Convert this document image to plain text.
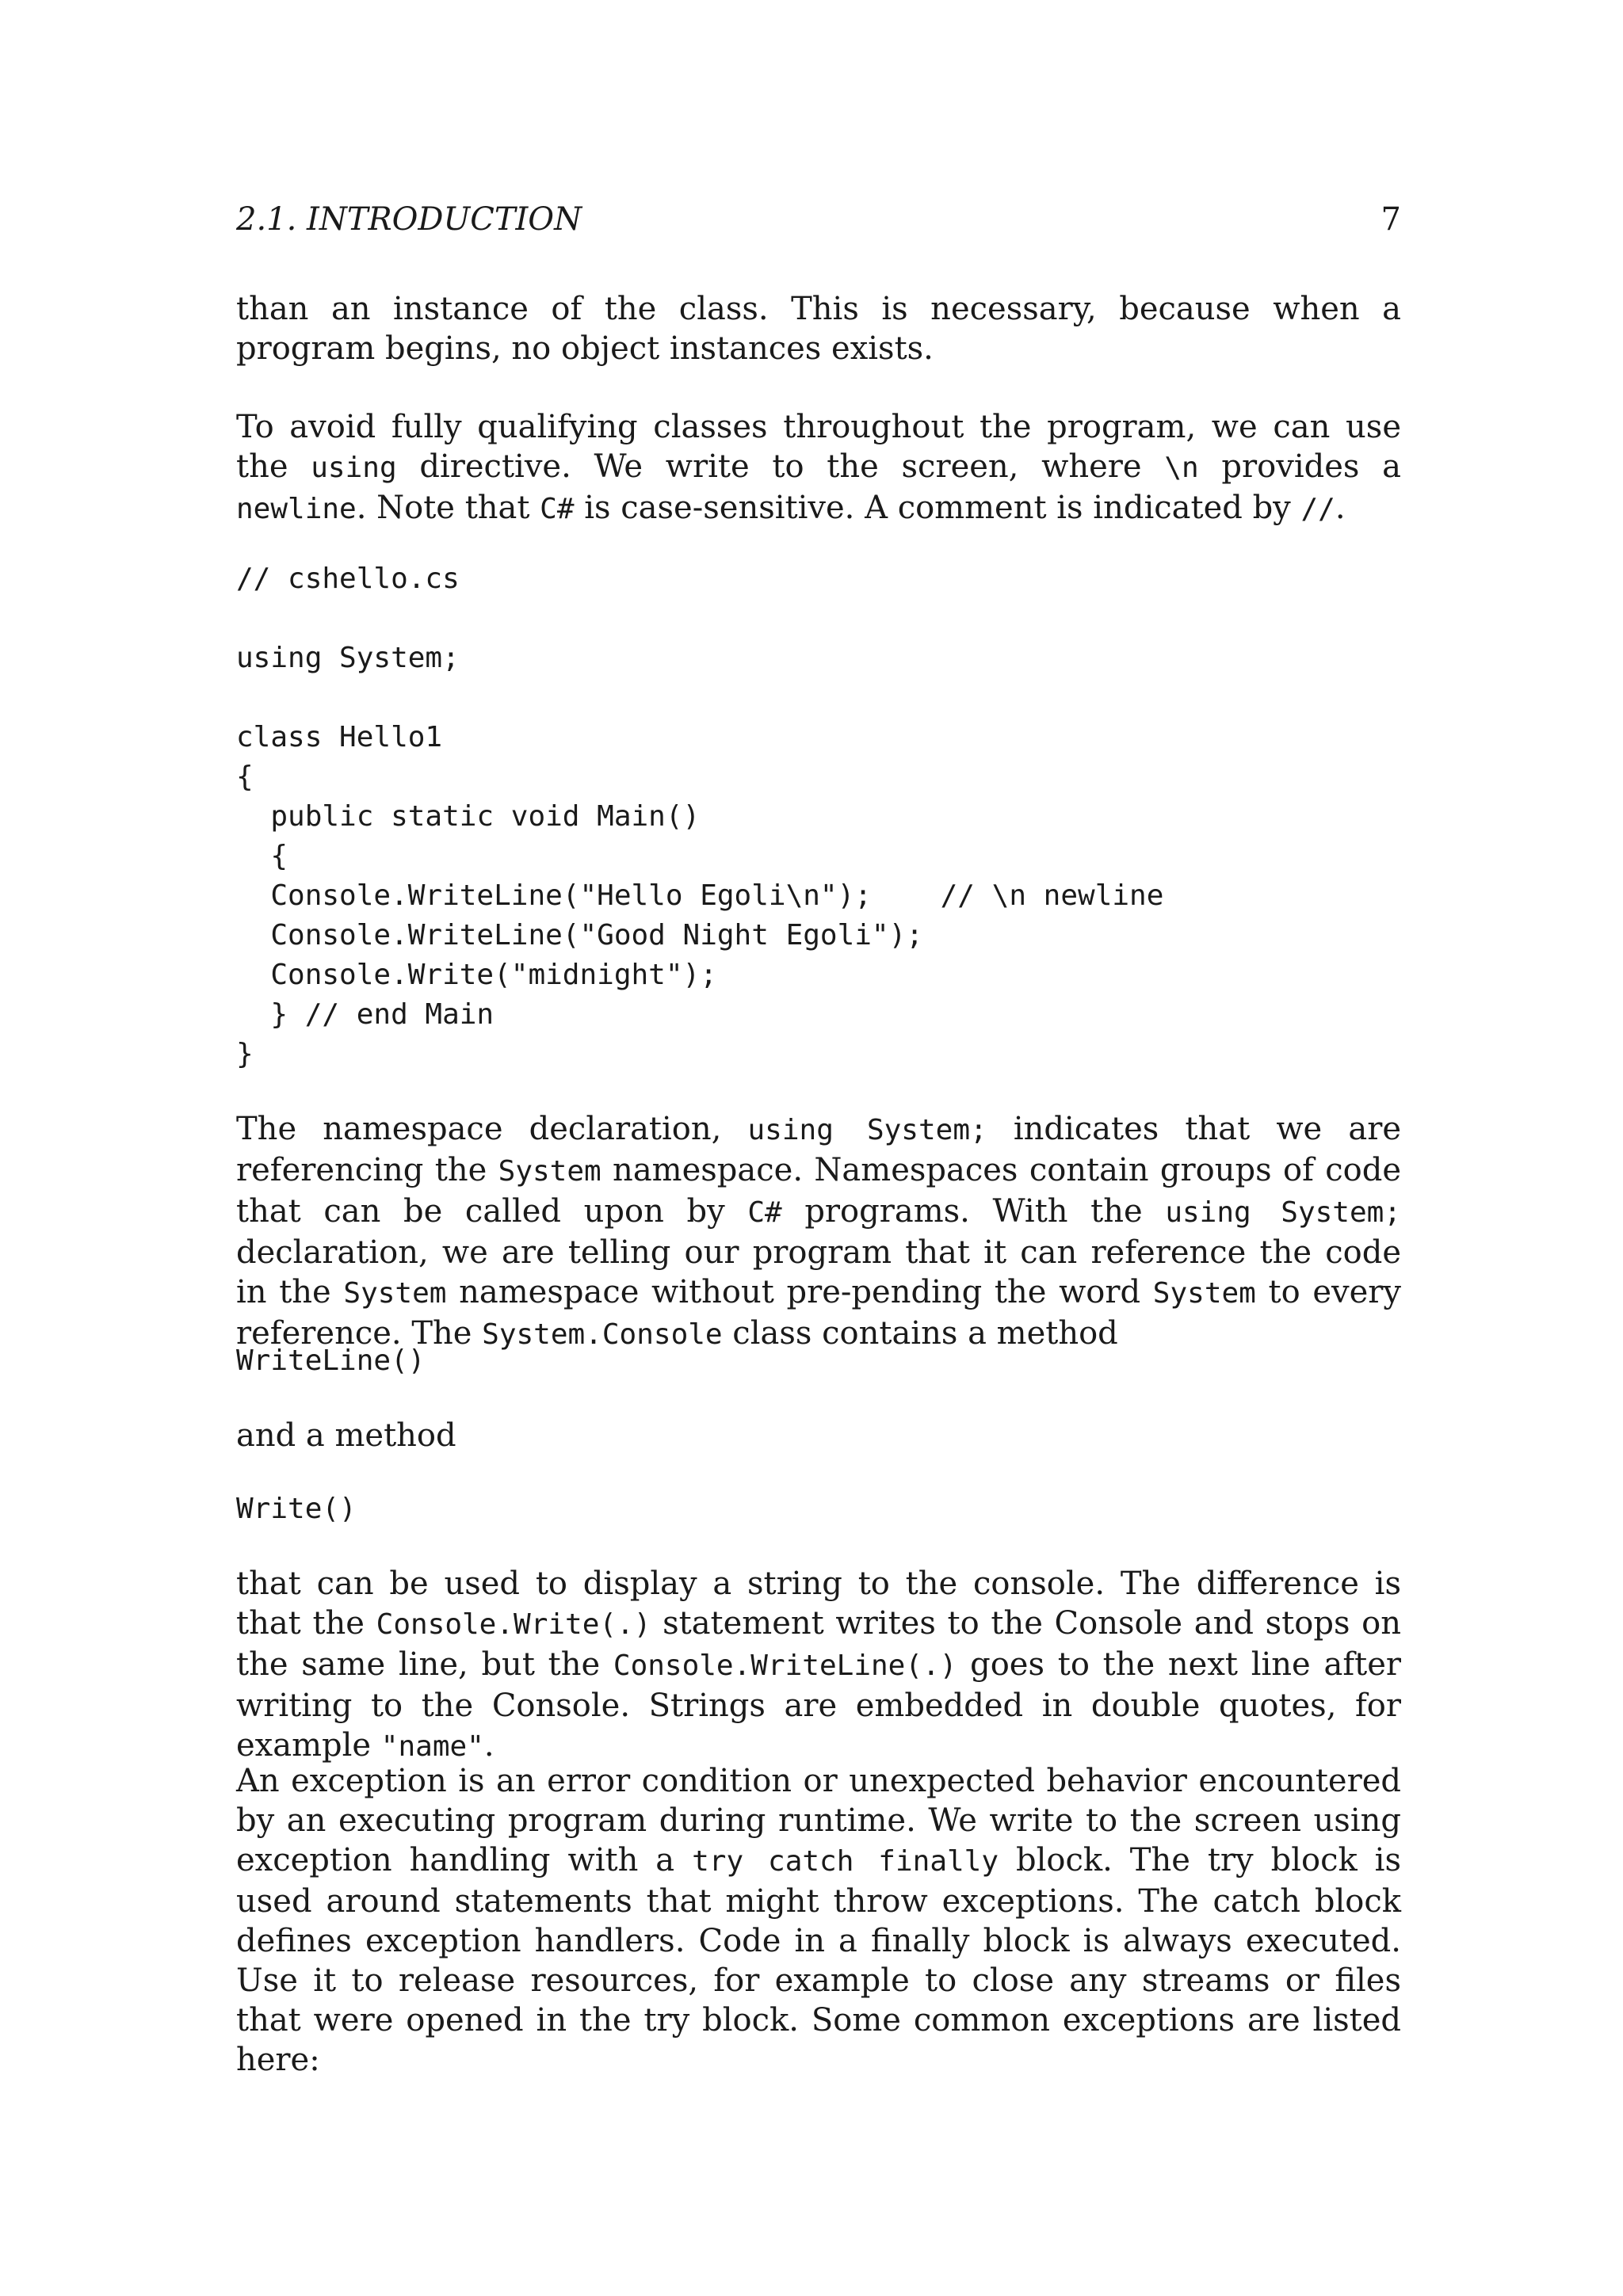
2.1. INTRODUCTION	7

than an instance of the class. This is necessary, because when a program begins, no object instances exists.

To avoid fully qualifying classes throughout the program, we can use the using directive. We write to the screen, where \n provides a newline. Note that C# is case-sensitive. A comment is indicated by //.

// cshello.cs
using System;
class Hello1
{
public static void Main()
{
Console.WriteLine("Hello Egoli\n");    // \n newline
Console.WriteLine("Good Night Egoli");
Console.Write("midnight");
} // end Main
}

The namespace declaration, using System; indicates that we are referencing the System namespace. Namespaces contain groups of code that can be called upon by C# programs. With the using System; declaration, we are telling our program that it can reference the code in the System namespace without pre-pending the word System to every reference. The System.Console class contains a method

WriteLine()

and a method

Write()

that can be used to display a string to the console. The difference is that the Console.Write(.) statement writes to the Console and stops on the same line, but the Console.WriteLine(.) goes to the next line after writing to the Console. Strings are embedded in double quotes, for example "name".

An exception is an error condition or unexpected behavior encountered by an executing program during runtime. We write to the screen using exception handling with a try catch finally block. The try block is used around statements that might throw exceptions. The catch block defines exception handlers. Code in a finally block is always executed. Use it to release resources, for example to close any streams or files that were opened in the try block. Some common exceptions are listed here:
